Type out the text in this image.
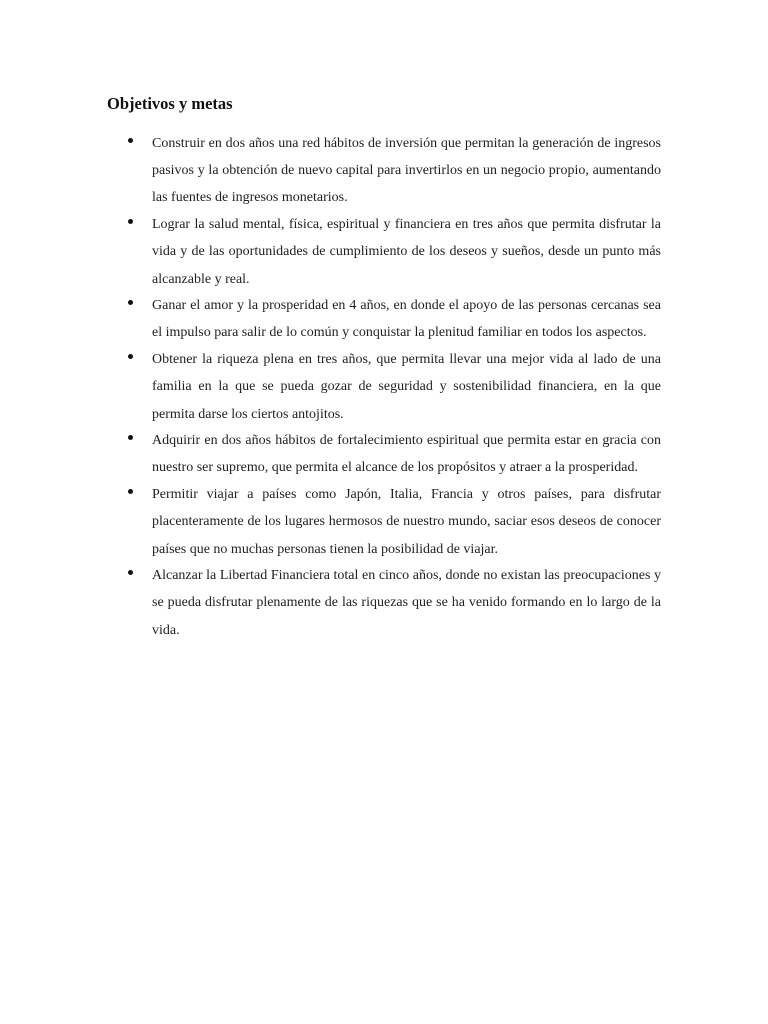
Objetivos y metas
Construir en dos años una red hábitos de inversión que permitan la generación de ingresos pasivos y la obtención de nuevo capital para invertirlos en un negocio propio, aumentando las fuentes de ingresos monetarios.
Lograr la salud mental, física, espiritual y financiera en tres años que permita disfrutar la vida y de las oportunidades de cumplimiento de los deseos y sueños, desde un punto más alcanzable y real.
Ganar el amor y la prosperidad en 4 años, en donde el apoyo de las personas cercanas sea el impulso para salir de lo común y conquistar la plenitud familiar en todos los aspectos.
Obtener la riqueza plena en tres años, que permita llevar una mejor vida al lado de una familia en la que se pueda gozar de seguridad y sostenibilidad financiera, en la que permita darse los ciertos antojitos.
Adquirir en dos años hábitos de fortalecimiento espiritual que permita estar en gracia con nuestro ser supremo, que permita el alcance de los propósitos y atraer a la prosperidad.
Permitir viajar a países como Japón, Italia, Francia y otros países, para disfrutar placenteramente de los lugares hermosos de nuestro mundo, saciar esos deseos de conocer países que no muchas personas tienen la posibilidad de viajar.
Alcanzar la Libertad Financiera total en cinco años, donde no existan las preocupaciones y se pueda disfrutar plenamente de las riquezas que se ha venido formando en lo largo de la vida.
